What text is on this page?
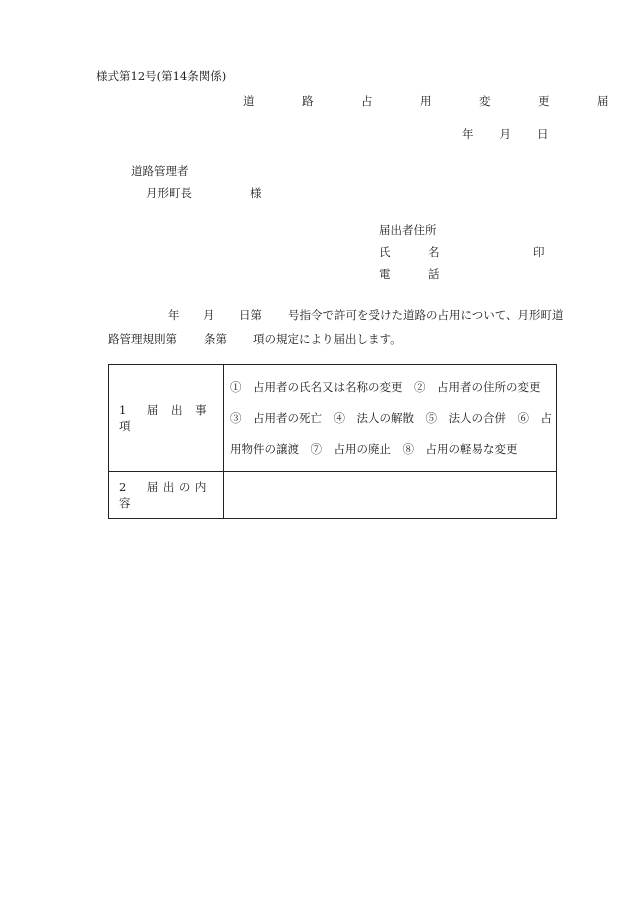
様式第12号(第14条関係)
道　路　占　用　変　更　届
年 月 日
道路管理者
月形町長	様
届出者住所
氏	名	印
電	話
年 月 日第 号指令で許可を受けた道路の占用について、月形町道
路管理規則第 条第 項の規定により届出します。
1　届 出 事 項	①　占用者の氏名又は名称の変更　②　占用者の住所の変更
③　占用者の死亡　④　法人の解散　⑤　法人の合併　⑥　占
用物件の譲渡　⑦　占用の廃止　⑧　占用の軽易な変更

2　届出の内容	
